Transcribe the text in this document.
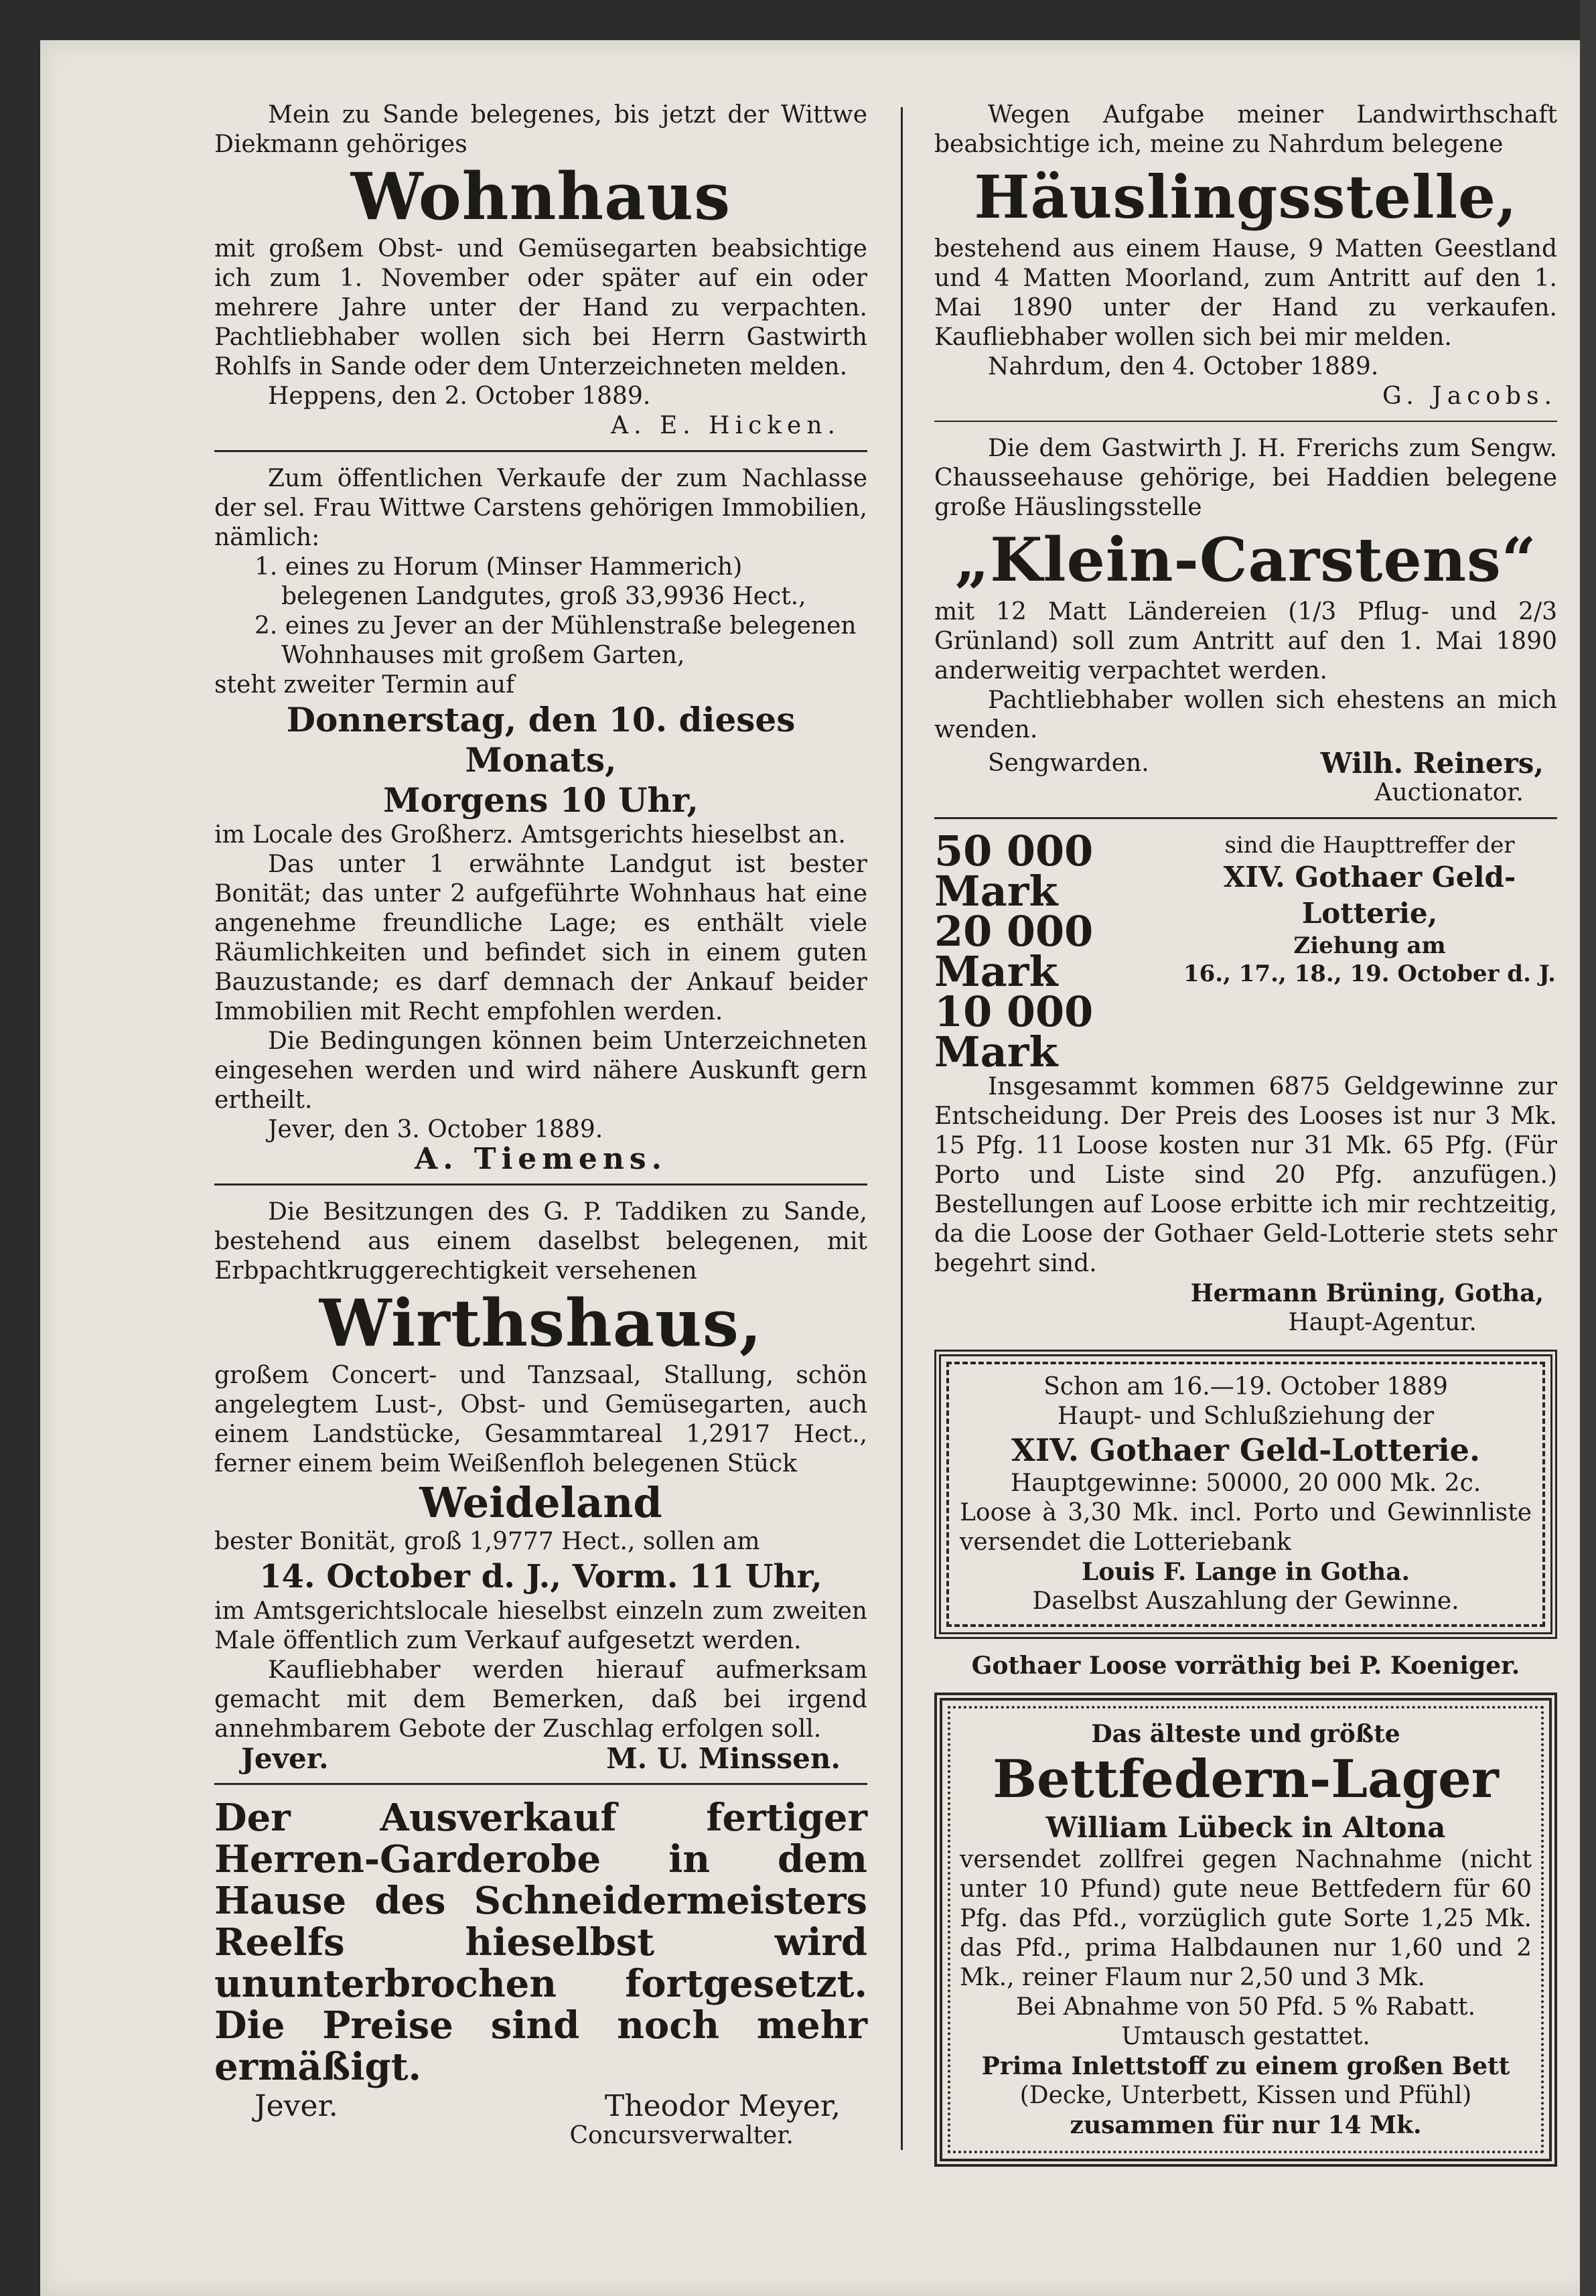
Mein zu Sande belegenes, bis jetzt der Wittwe Diekmann gehöriges

Wohnhaus

mit großem Obst- und Gemüsegarten beabsichtige ich zum 1. November oder später auf ein oder mehrere Jahre unter der Hand zu verpachten. Pachtliebhaber wollen sich bei Herrn Gastwirth Rohlfs in Sande oder dem Unterzeichneten melden.

Heppens, den 2. October 1889.

A. E. Hicken.

Zum öffentlichen Verkaufe der zum Nachlasse der sel. Frau Wittwe Carstens gehörigen Immobilien, nämlich:

1. eines zu Horum (Minser Hammerich) belegenen Landgutes, groß 33,9936 Hect.,
2. eines zu Jever an der Mühlenstraße belegenen Wohnhauses mit großem Garten,

steht zweiter Termin auf

Donnerstag, den 10. dieses Monats,
Morgens 10 Uhr,

im Locale des Großherz. Amtsgerichts hieselbst an.

Das unter 1 erwähnte Landgut ist bester Bonität; das unter 2 aufgeführte Wohnhaus hat eine angenehme freundliche Lage; es enthält viele Räumlichkeiten und befindet sich in einem guten Bauzustande; es darf demnach der Ankauf beider Immobilien mit Recht empfohlen werden.

Die Bedingungen können beim Unterzeichneten eingesehen werden und wird nähere Auskunft gern ertheilt.

Jever, den 3. October 1889.

A. Tiemens.

Die Besitzungen des G. P. Taddiken zu Sande, bestehend aus einem daselbst belegenen, mit Erbpachtkruggerechtigkeit versehenen

Wirthshaus,

großem Concert- und Tanzsaal, Stallung, schön angelegtem Lust-, Obst- und Gemüsegarten, auch einem Landstücke, Gesammtareal 1,2917 Hect., ferner einem beim Weißenfloh belegenen Stück

Weideland

bester Bonität, groß 1,9777 Hect., sollen am

14. October d. J., Vorm. 11 Uhr,

im Amtsgerichtslocale hieselbst einzeln zum zweiten Male öffentlich zum Verkauf aufgesetzt werden.

Kaufliebhaber werden hierauf aufmerksam gemacht mit dem Bemerken, daß bei irgend annehmbarem Gebote der Zuschlag erfolgen soll.

Jever.	M. U. Minssen.

Der Ausverkauf fertiger Herren-Garderobe in dem Hause des Schneidermeisters Reelfs hieselbst wird ununterbrochen fortgesetzt. Die Preise sind noch mehr ermäßigt.

Jever.	Theodor Meyer,

Concursverwalter.

Wegen Aufgabe meiner Landwirthschaft beabsichtige ich, meine zu Nahrdum belegene

Häuslingsstelle,

bestehend aus einem Hause, 9 Matten Geestland und 4 Matten Moorland, zum Antritt auf den 1. Mai 1890 unter der Hand zu verkaufen. Kaufliebhaber wollen sich bei mir melden.

Nahrdum, den 4. October 1889.

G. Jacobs.

Die dem Gastwirth J. H. Frerichs zum Sengw. Chausseehause gehörige, bei Haddien belegene große Häuslingsstelle

„Klein-Carstens“

mit 12 Matt Ländereien (1/3 Pflug- und 2/3 Grünland) soll zum Antritt auf den 1. Mai 1890 anderweitig verpachtet werden.

Pachtliebhaber wollen sich ehestens an mich wenden.

Sengwarden.	Wilh. Reiners,

Auctionator.

50 000 Mark
20 000 Mark
10 000 Mark
sind die Haupttreffer der
XIV. Gothaer Geld-Lotterie,
Ziehung am
16., 17., 18., 19. October d. J.

Insgesammt kommen 6875 Geldgewinne zur Entscheidung. Der Preis des Looses ist nur 3 Mk. 15 Pfg. 11 Loose kosten nur 31 Mk. 65 Pfg. (Für Porto und Liste sind 20 Pfg. anzufügen.) Bestellungen auf Loose erbitte ich mir rechtzeitig, da die Loose der Gothaer Geld-Lotterie stets sehr begehrt sind.

Hermann Brüning, Gotha,

Haupt-Agentur.

Schon am 16.—19. October 1889
Haupt- und Schlußziehung der
XIV. Gothaer Geld-Lotterie.
Hauptgewinne: 50000, 20 000 Mk. 2c.

Loose à 3,30 Mk. incl. Porto und Gewinnliste versendet die Lotteriebank

Louis F. Lange in Gotha.
Daselbst Auszahlung der Gewinne.
Gothaer Loose vorräthig bei P. Koeniger.
Das älteste und größte
Bettfedern-Lager
William Lübeck in Altona

versendet zollfrei gegen Nachnahme (nicht unter 10 Pfund) gute neue Bettfedern für 60 Pfg. das Pfd., vorzüglich gute Sorte 1,25 Mk. das Pfd., prima Halbdaunen nur 1,60 und 2 Mk., reiner Flaum nur 2,50 und 3 Mk.

Bei Abnahme von 50 Pfd. 5 % Rabatt.
Umtausch gestattet.
Prima Inlettstoff zu einem großen Bett
(Decke, Unterbett, Kissen und Pfühl)
zusammen für nur 14 Mk.
